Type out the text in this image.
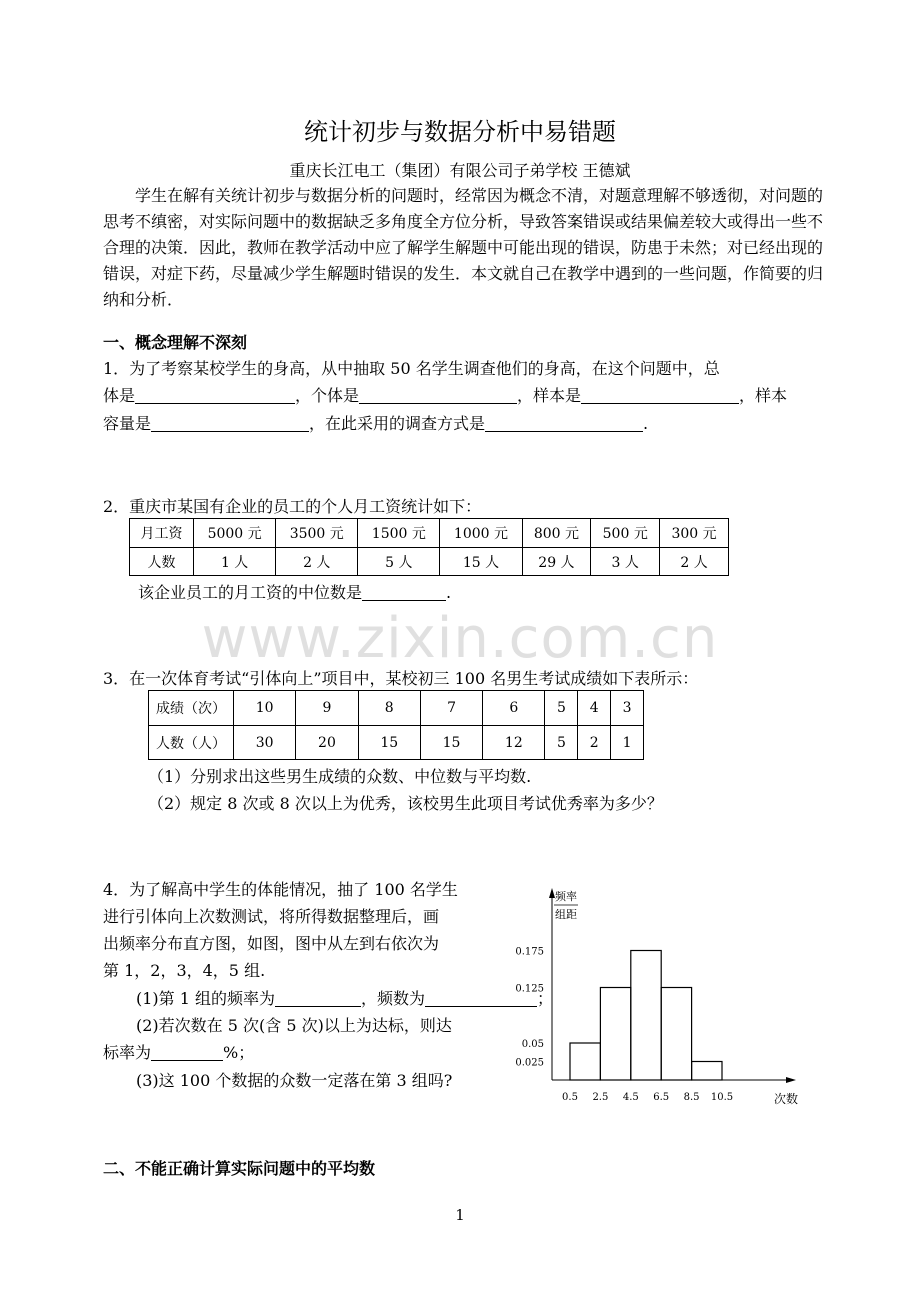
统计初步与数据分析中易错题
重庆长江电工（集团）有限公司子弟学校 王德斌
学生在解有关统计初步与数据分析的问题时，经常因为概念不清，对题意理解不够透彻，对问题的思考不缜密，对实际问题中的数据缺乏多角度全方位分析，导致答案错误或结果偏差较大或得出一些不合理的决策．因此，教师在教学活动中应了解学生解题中可能出现的错误，防患于未然；对已经出现的错误，对症下药，尽量减少学生解题时错误的发生．本文就自己在教学中遇到的一些问题，作简要的归纳和分析．
一、概念理解不深刻
1．为了考察某校学生的身高，从中抽取 50 名学生调查他们的身高，在这个问题中，总
体是	，个体是	，样本是	，样本
容量是	，在此采用的调查方式是	.
2．重庆市某国有企业的员工的个人月工资统计如下：
月工资	5000 元	3500 元	1500 元	1000 元	800 元	500 元	300 元
人数	1 人	2 人	5 人	15 人	29 人	3 人	2 人
该企业员工的月工资的中位数是	.
www.zixin.com.cn
3．在一次体育考试“引体向上”项目中，某校初三 100 名男生考试成绩如下表所示：
成绩（次）	10	9	8	7	6	5	4	3
人数（人）	30	20	15	15	12	5	2	1
（1）分别求出这些男生成绩的众数、中位数与平均数.
（2）规定 8 次或 8 次以上为优秀，该校男生此项目考试优秀率为多少？
4．为了解高中学生的体能情况，抽了 100 名学生
进行引体向上次数测试，将所得数据整理后，画
出频率分布直方图，如图，图中从左到右依次为
第 1，2，3，4，5 组.
(1)第 1 组的频率为	，频数为	；
(2)若次数在 5 次(含 5 次)以上为达标，则达
标率为	%；
(3)这 100 个数据的众数一定落在第 3 组吗?
频率
组距
次数
0.025
0.05
0.125
0.175
0.5 2.5 4.5 6.5 8.5 10.5
二、不能正确计算实际问题中的平均数
1
